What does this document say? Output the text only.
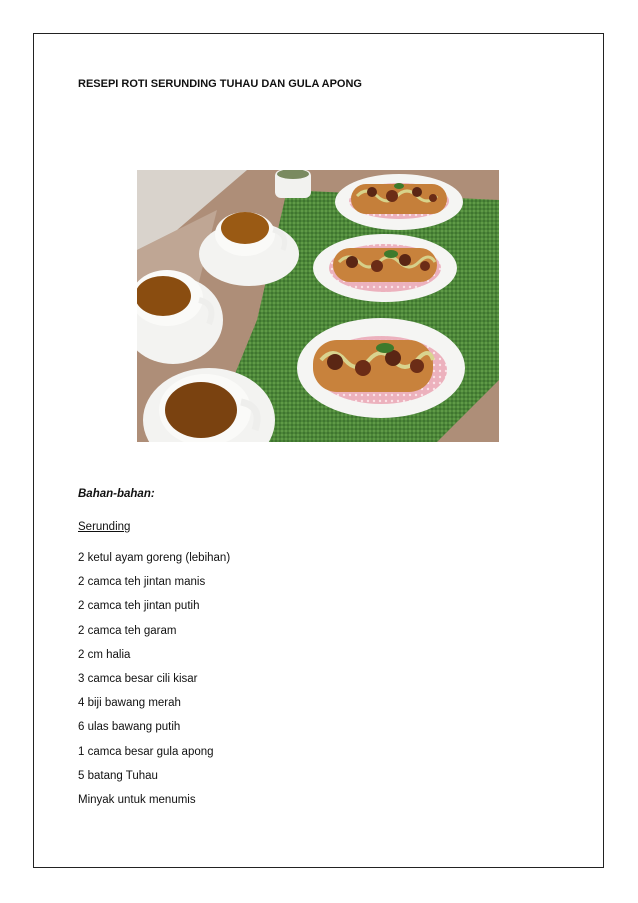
RESEPI ROTI SERUNDING TUHAU DAN GULA APONG
Bahan-bahan:
Serunding
2 ketul ayam goreng (lebihan)
2 camca teh jintan manis
2 camca teh jintan putih
2 camca teh garam
2 cm halia
3 camca besar cili kisar
4 biji bawang merah
6 ulas bawang putih
1 camca besar gula apong
5 batang Tuhau
Minyak untuk menumis
